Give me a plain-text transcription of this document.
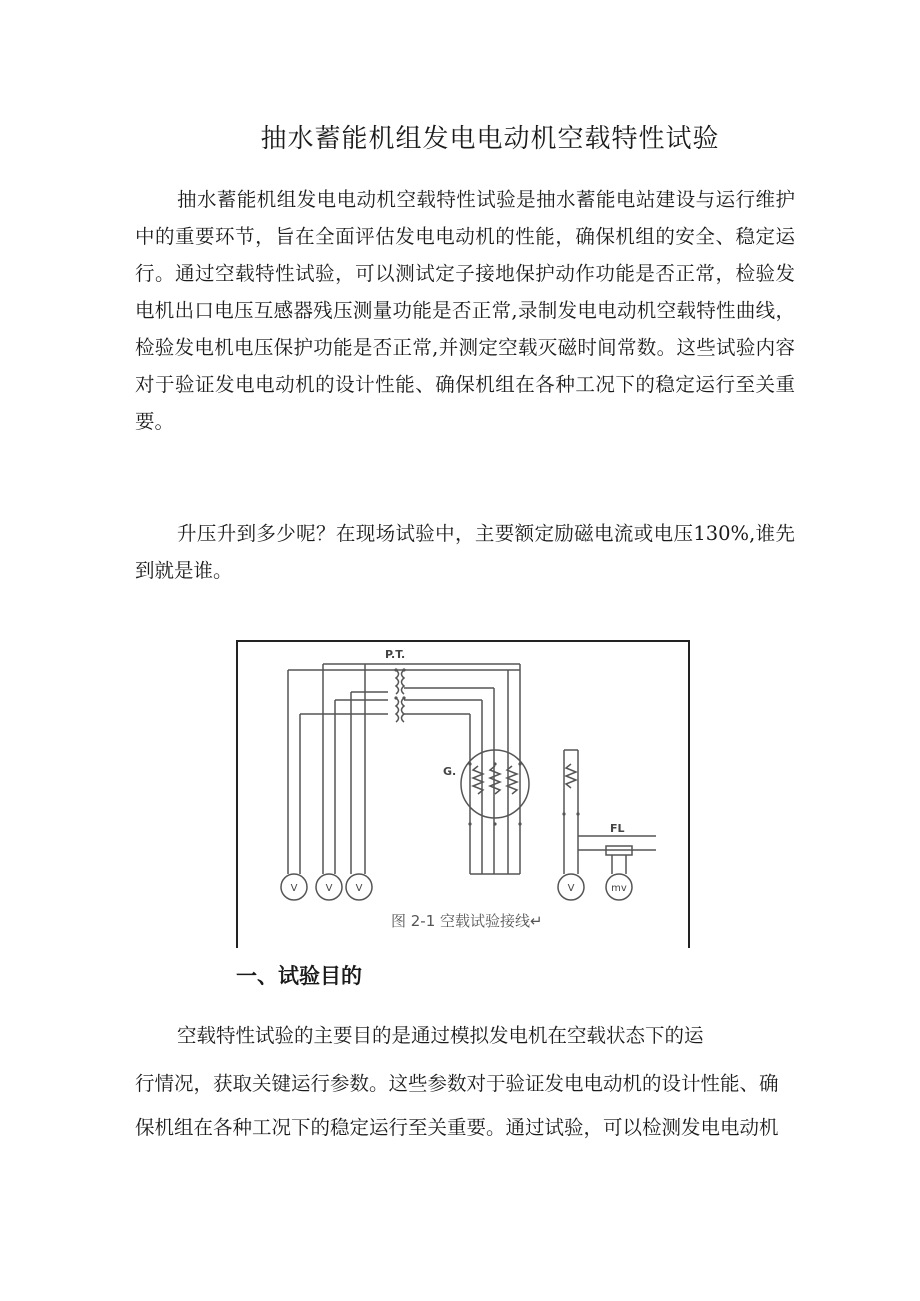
抽水蓄能机组发电电动机空载特性试验

抽水蓄能机组发电电动机空载特性试验是抽水蓄能电站建设与运行维护中的重要环节，旨在全面评估发电电动机的性能，确保机组的安全、稳定运行。通过空载特性试验，可以测试定子接地保护动作功能是否正常，检验发电机出口电压互感器残压测量功能是否正常,录制发电电动机空载特性曲线，检验发电机电压保护功能是否正常,并测定空载灭磁时间常数。这些试验内容对于验证发电电动机的设计性能、确保机组在各种工况下的稳定运行至关重要。

升压升到多少呢？在现场试验中，主要额定励磁电流或电压130%,谁先到就是谁。

V	V V	V	mv
P.T.
G.
FL
图 2-1 空载试验接线↵
一、试验目的

空载特性试验的主要目的是通过模拟发电机在空载状态下的运

行情况，获取关键运行参数。这些参数对于验证发电电动机的设计性能、确

保机组在各种工况下的稳定运行至关重要。通过试验，可以检测发电电动机
